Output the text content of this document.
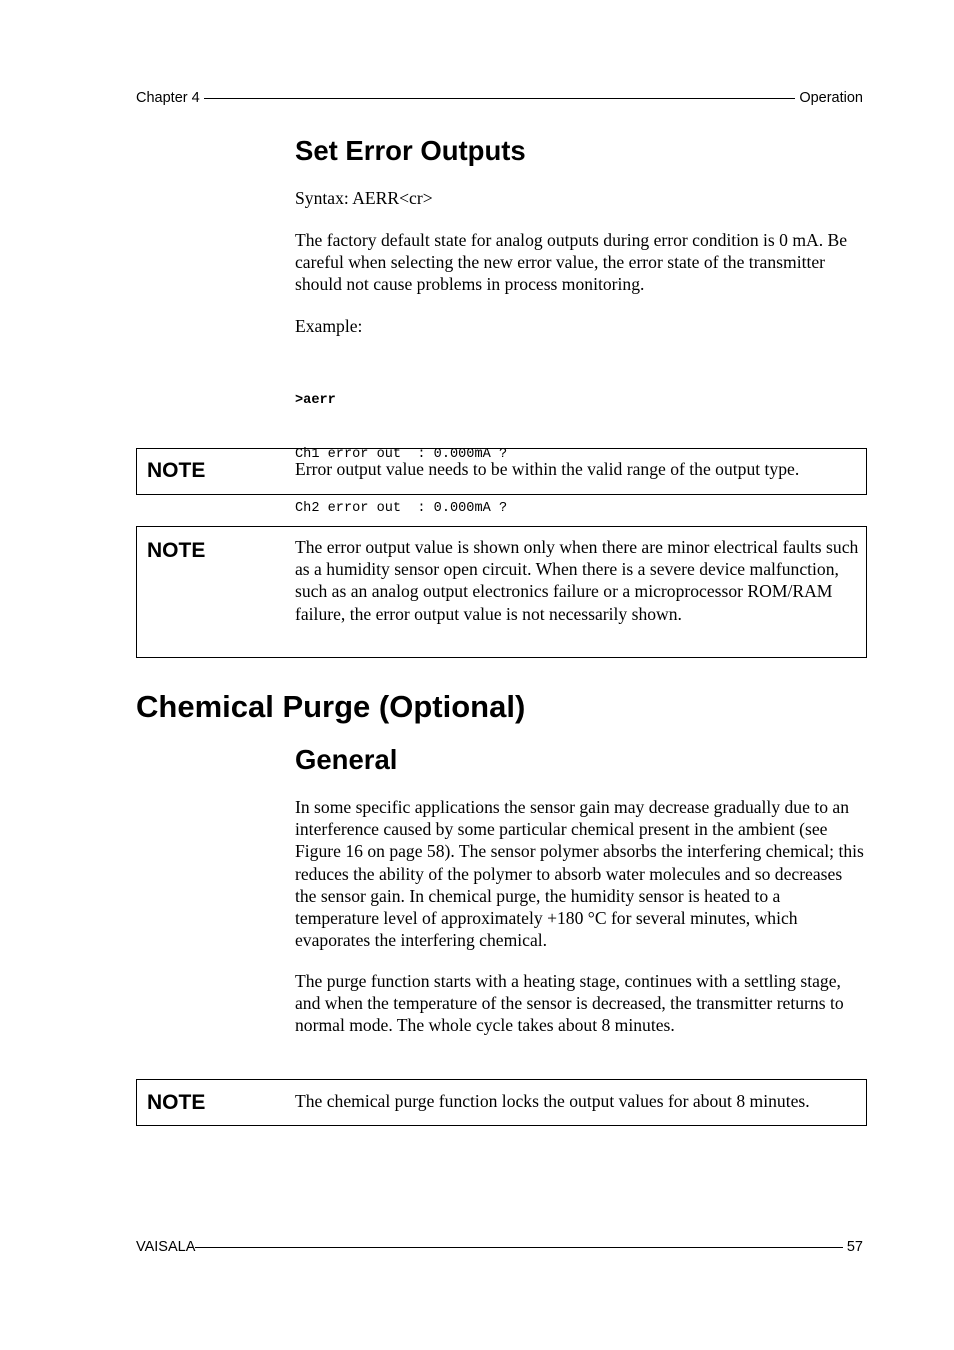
Chapter 4	Operation
Set Error Outputs

Syntax: AERR<cr>

The factory default state for analog outputs during error condition is 0 mA. Be careful when selecting the new error value, the error state of the transmitter should not cause problems in process monitoring.

Example:

>aerr

Ch1 error out  : 0.000mA ?

Ch2 error out  : 0.000mA ?

NOTE	Error output value needs to be within the valid range of the output type.
NOTE	The error output value is shown only when there are minor electrical faults such as a humidity sensor open circuit. When there is a severe device malfunction, such as an analog output electronics failure or a microprocessor ROM/RAM failure, the error output value is not necessarily shown.
Chemical Purge (Optional)
General

In some specific applications the sensor gain may decrease gradually due to an interference caused by some particular chemical present in the ambient (see Figure 16 on page 58). The sensor polymer absorbs the interfering chemical; this reduces the ability of the polymer to absorb water molecules and so decreases the sensor gain. In chemical purge, the humidity sensor is heated to a temperature level of approximately +180 °C for several minutes, which evaporates the interfering chemical.

The purge function starts with a heating stage, continues with a settling stage, and when the temperature of the sensor is decreased, the transmitter returns to normal mode. The whole cycle takes about 8 minutes.

NOTE	The chemical purge function locks the output values for about 8 minutes.
VAISALA	57
